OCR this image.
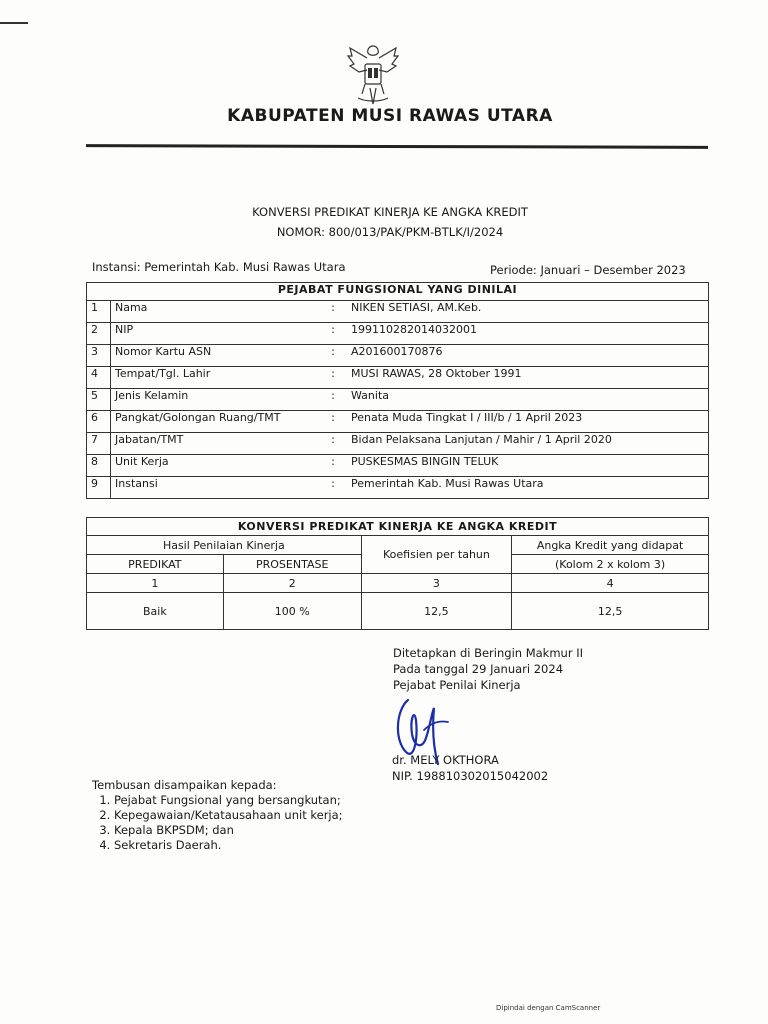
KABUPATEN MUSI RAWAS UTARA
KONVERSI PREDIKAT KINERJA KE ANGKA KREDIT
NOMOR: 800/013/PAK/PKM-BTLK/I/2024
Instansi: Pemerintah Kab. Musi Rawas Utara	Periode: Januari – Desember 2023
PEJABAT FUNGSIONAL YANG DINILAI			
1	Nama	:	NIKEN SETIASI, AM.Keb.
2	NIP	:	199110282014032001
3	Nomor Kartu ASN	:	A201600170876
4	Tempat/Tgl. Lahir	:	MUSI RAWAS, 28 Oktober 1991
5	Jenis Kelamin	:	Wanita
6	Pangkat/Golongan Ruang/TMT	:	Penata Muda Tingkat I / III/b / 1 April 2023
7	Jabatan/TMT	:	Bidan Pelaksana Lanjutan / Mahir / 1 April 2020
8	Unit Kerja	:	PUSKESMAS BINGIN TELUK
9	Instansi	:	Pemerintah Kab. Musi Rawas Utara
KONVERSI PREDIKAT KINERJA KE ANGKA KREDIT			
Hasil Penilaian Kinerja		Koefisien per tahun	Angka Kredit yang didapat
PREDIKAT	PROSENTASE		(Kolom 2 x kolom 3)
1	2	3	4
Baik	100 %	12,5	12,5
Ditetapkan di Beringin Makmur II
Pada tanggal 29 Januari 2024
Pejabat Penilai Kinerja
dr. MELY OKTHORA
NIP. 198810302015042002
Tembusan disampaikan kepada:
1. Pejabat Fungsional yang bersangkutan;
2. Kepegawaian/Ketatausahaan unit kerja;
3. Kepala BKPSDM; dan
4. Sekretaris Daerah.
Dipindai dengan CamScanner
